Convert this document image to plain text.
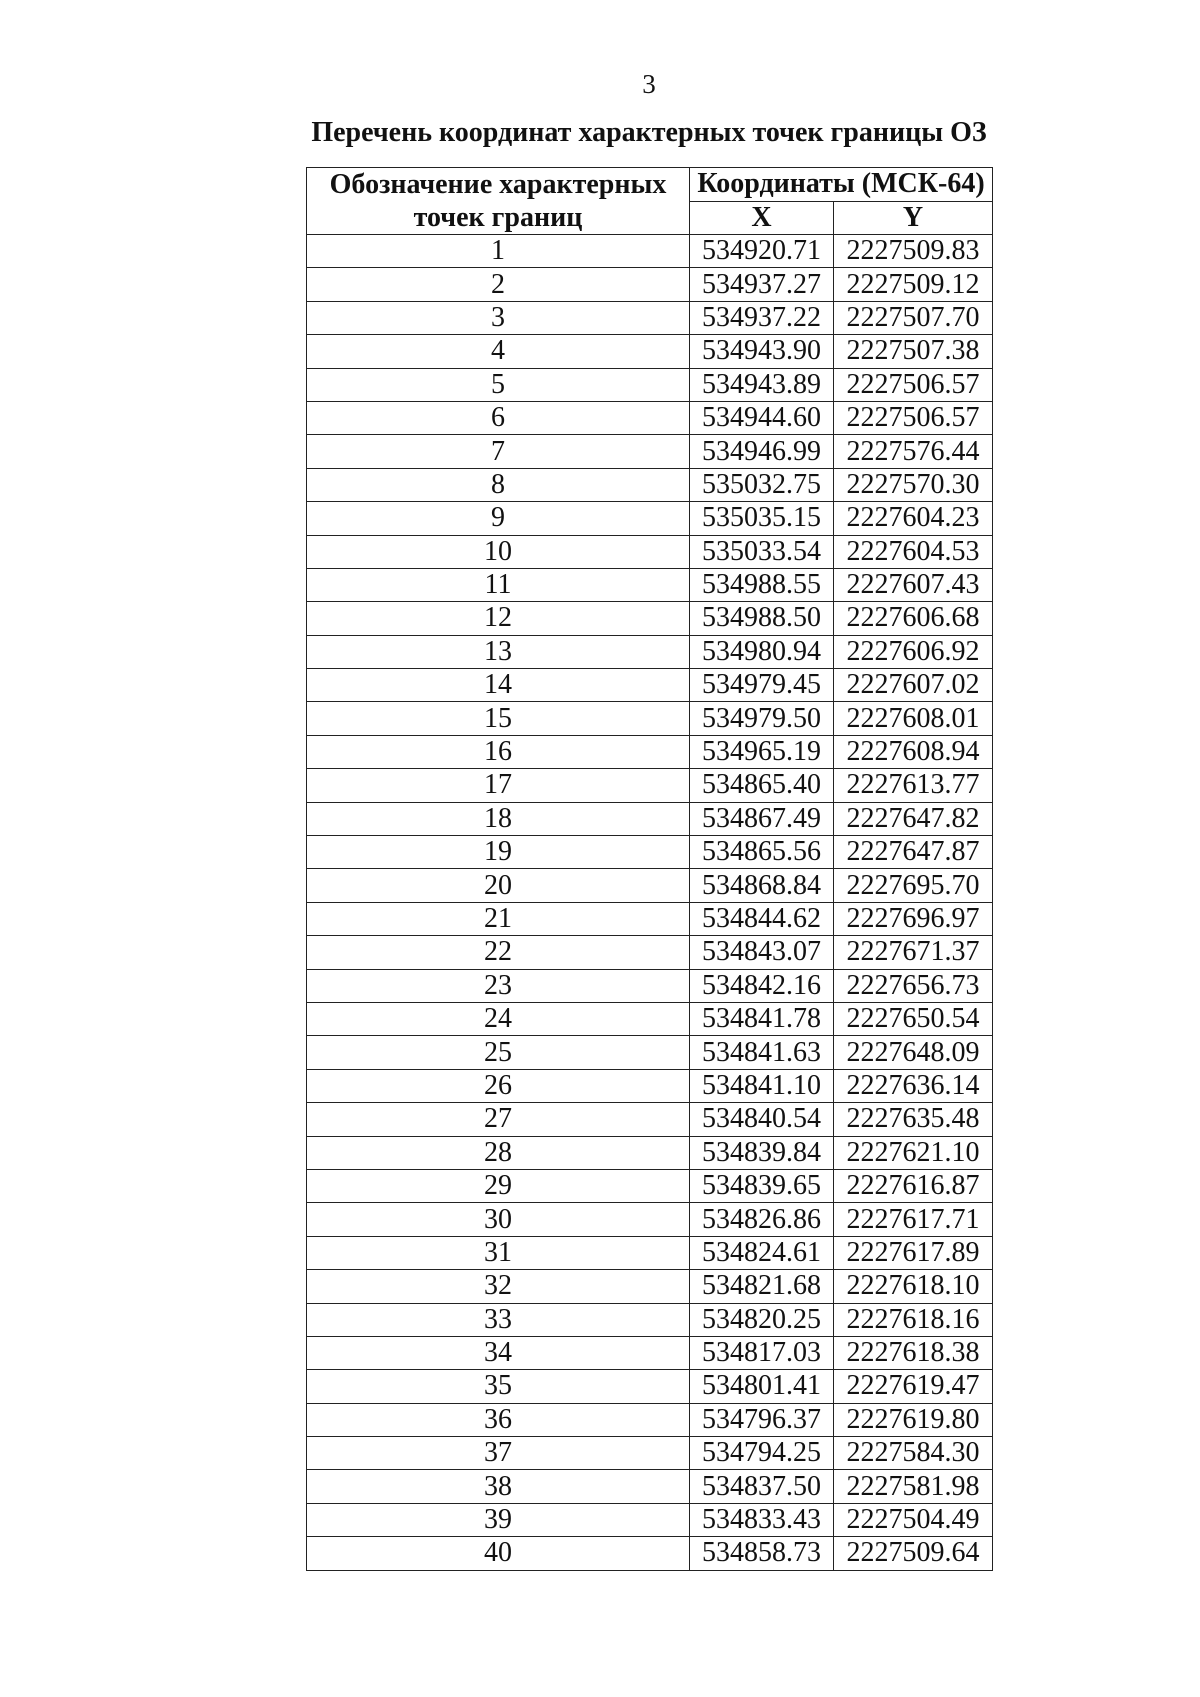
3
Перечень координат характерных точек границы ОЗ
Обозначение характерных точек границ	Координаты (МСК-64)	
	X	Y
1	534920.71	2227509.83
2	534937.27	2227509.12
3	534937.22	2227507.70
4	534943.90	2227507.38
5	534943.89	2227506.57
6	534944.60	2227506.57
7	534946.99	2227576.44
8	535032.75	2227570.30
9	535035.15	2227604.23
10	535033.54	2227604.53
11	534988.55	2227607.43
12	534988.50	2227606.68
13	534980.94	2227606.92
14	534979.45	2227607.02
15	534979.50	2227608.01
16	534965.19	2227608.94
17	534865.40	2227613.77
18	534867.49	2227647.82
19	534865.56	2227647.87
20	534868.84	2227695.70
21	534844.62	2227696.97
22	534843.07	2227671.37
23	534842.16	2227656.73
24	534841.78	2227650.54
25	534841.63	2227648.09
26	534841.10	2227636.14
27	534840.54	2227635.48
28	534839.84	2227621.10
29	534839.65	2227616.87
30	534826.86	2227617.71
31	534824.61	2227617.89
32	534821.68	2227618.10
33	534820.25	2227618.16
34	534817.03	2227618.38
35	534801.41	2227619.47
36	534796.37	2227619.80
37	534794.25	2227584.30
38	534837.50	2227581.98
39	534833.43	2227504.49
40	534858.73	2227509.64
